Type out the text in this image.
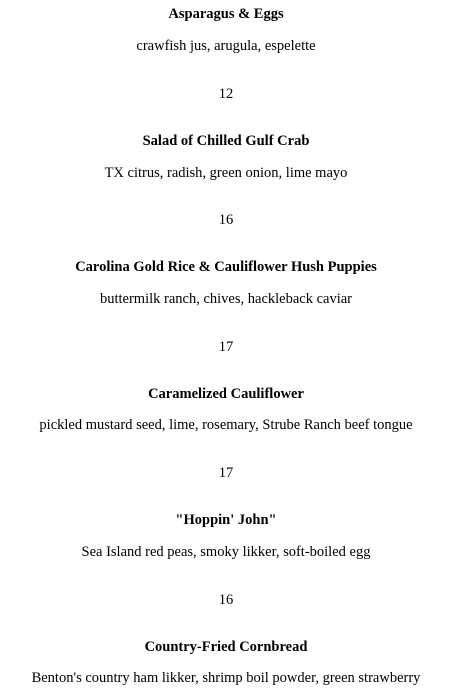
Asparagus & Eggs
crawfish jus, arugula, espelette
12
Salad of Chilled Gulf Crab
TX citrus, radish, green onion, lime mayo
16
Carolina Gold Rice & Cauliflower Hush Puppies
buttermilk ranch, chives, hackleback caviar
17
Caramelized Cauliflower
pickled mustard seed, lime, rosemary, Strube Ranch beef tongue
17
"Hoppin' John"
Sea Island red peas, smoky likker, soft-boiled egg
16
Country-Fried Cornbread
Benton's country ham likker, shrimp boil powder, green strawberry
